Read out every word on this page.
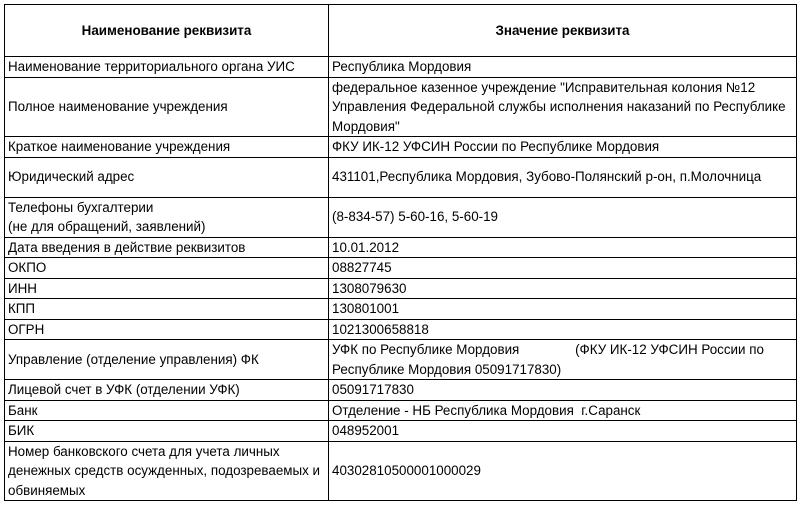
Наименование реквизита	Значение реквизита
Наименование территориального органа УИС	Республика Мордовия
Полное наименование учреждения	федеральное казенное учреждение "Исправительная колония №12 Управления Федеральной службы исполнения наказаний по Республике Мордовия"
Краткое наименование учреждения	ФКУ ИК-12 УФСИН России по Республике Мордовия
Юридический адрес	431101,Республика Мордовия, Зубово-Полянский р-он, п.Молочница
Телефоны бухгалтерии
(не для обращений, заявлений)	(8-834-57) 5-60-16, 5-60-19
Дата введения в действие реквизитов	10.01.2012
ОКПО	08827745
ИНН	1308079630
КПП	130801001
ОГРН	1021300658818
Управление (отделение управления) ФК	УФК по Республике Мордовия               (ФКУ ИК-12 УФСИН России по Республике Мордовия 05091717830)
Лицевой счет в УФК (отделении УФК)	05091717830
Банк	Отделение - НБ Республика Мордовия  г.Саранск
БИК	048952001
Номер банковского счета для учета личных денежных средств осужденных, подозреваемых и обвиняемых	40302810500001000029
